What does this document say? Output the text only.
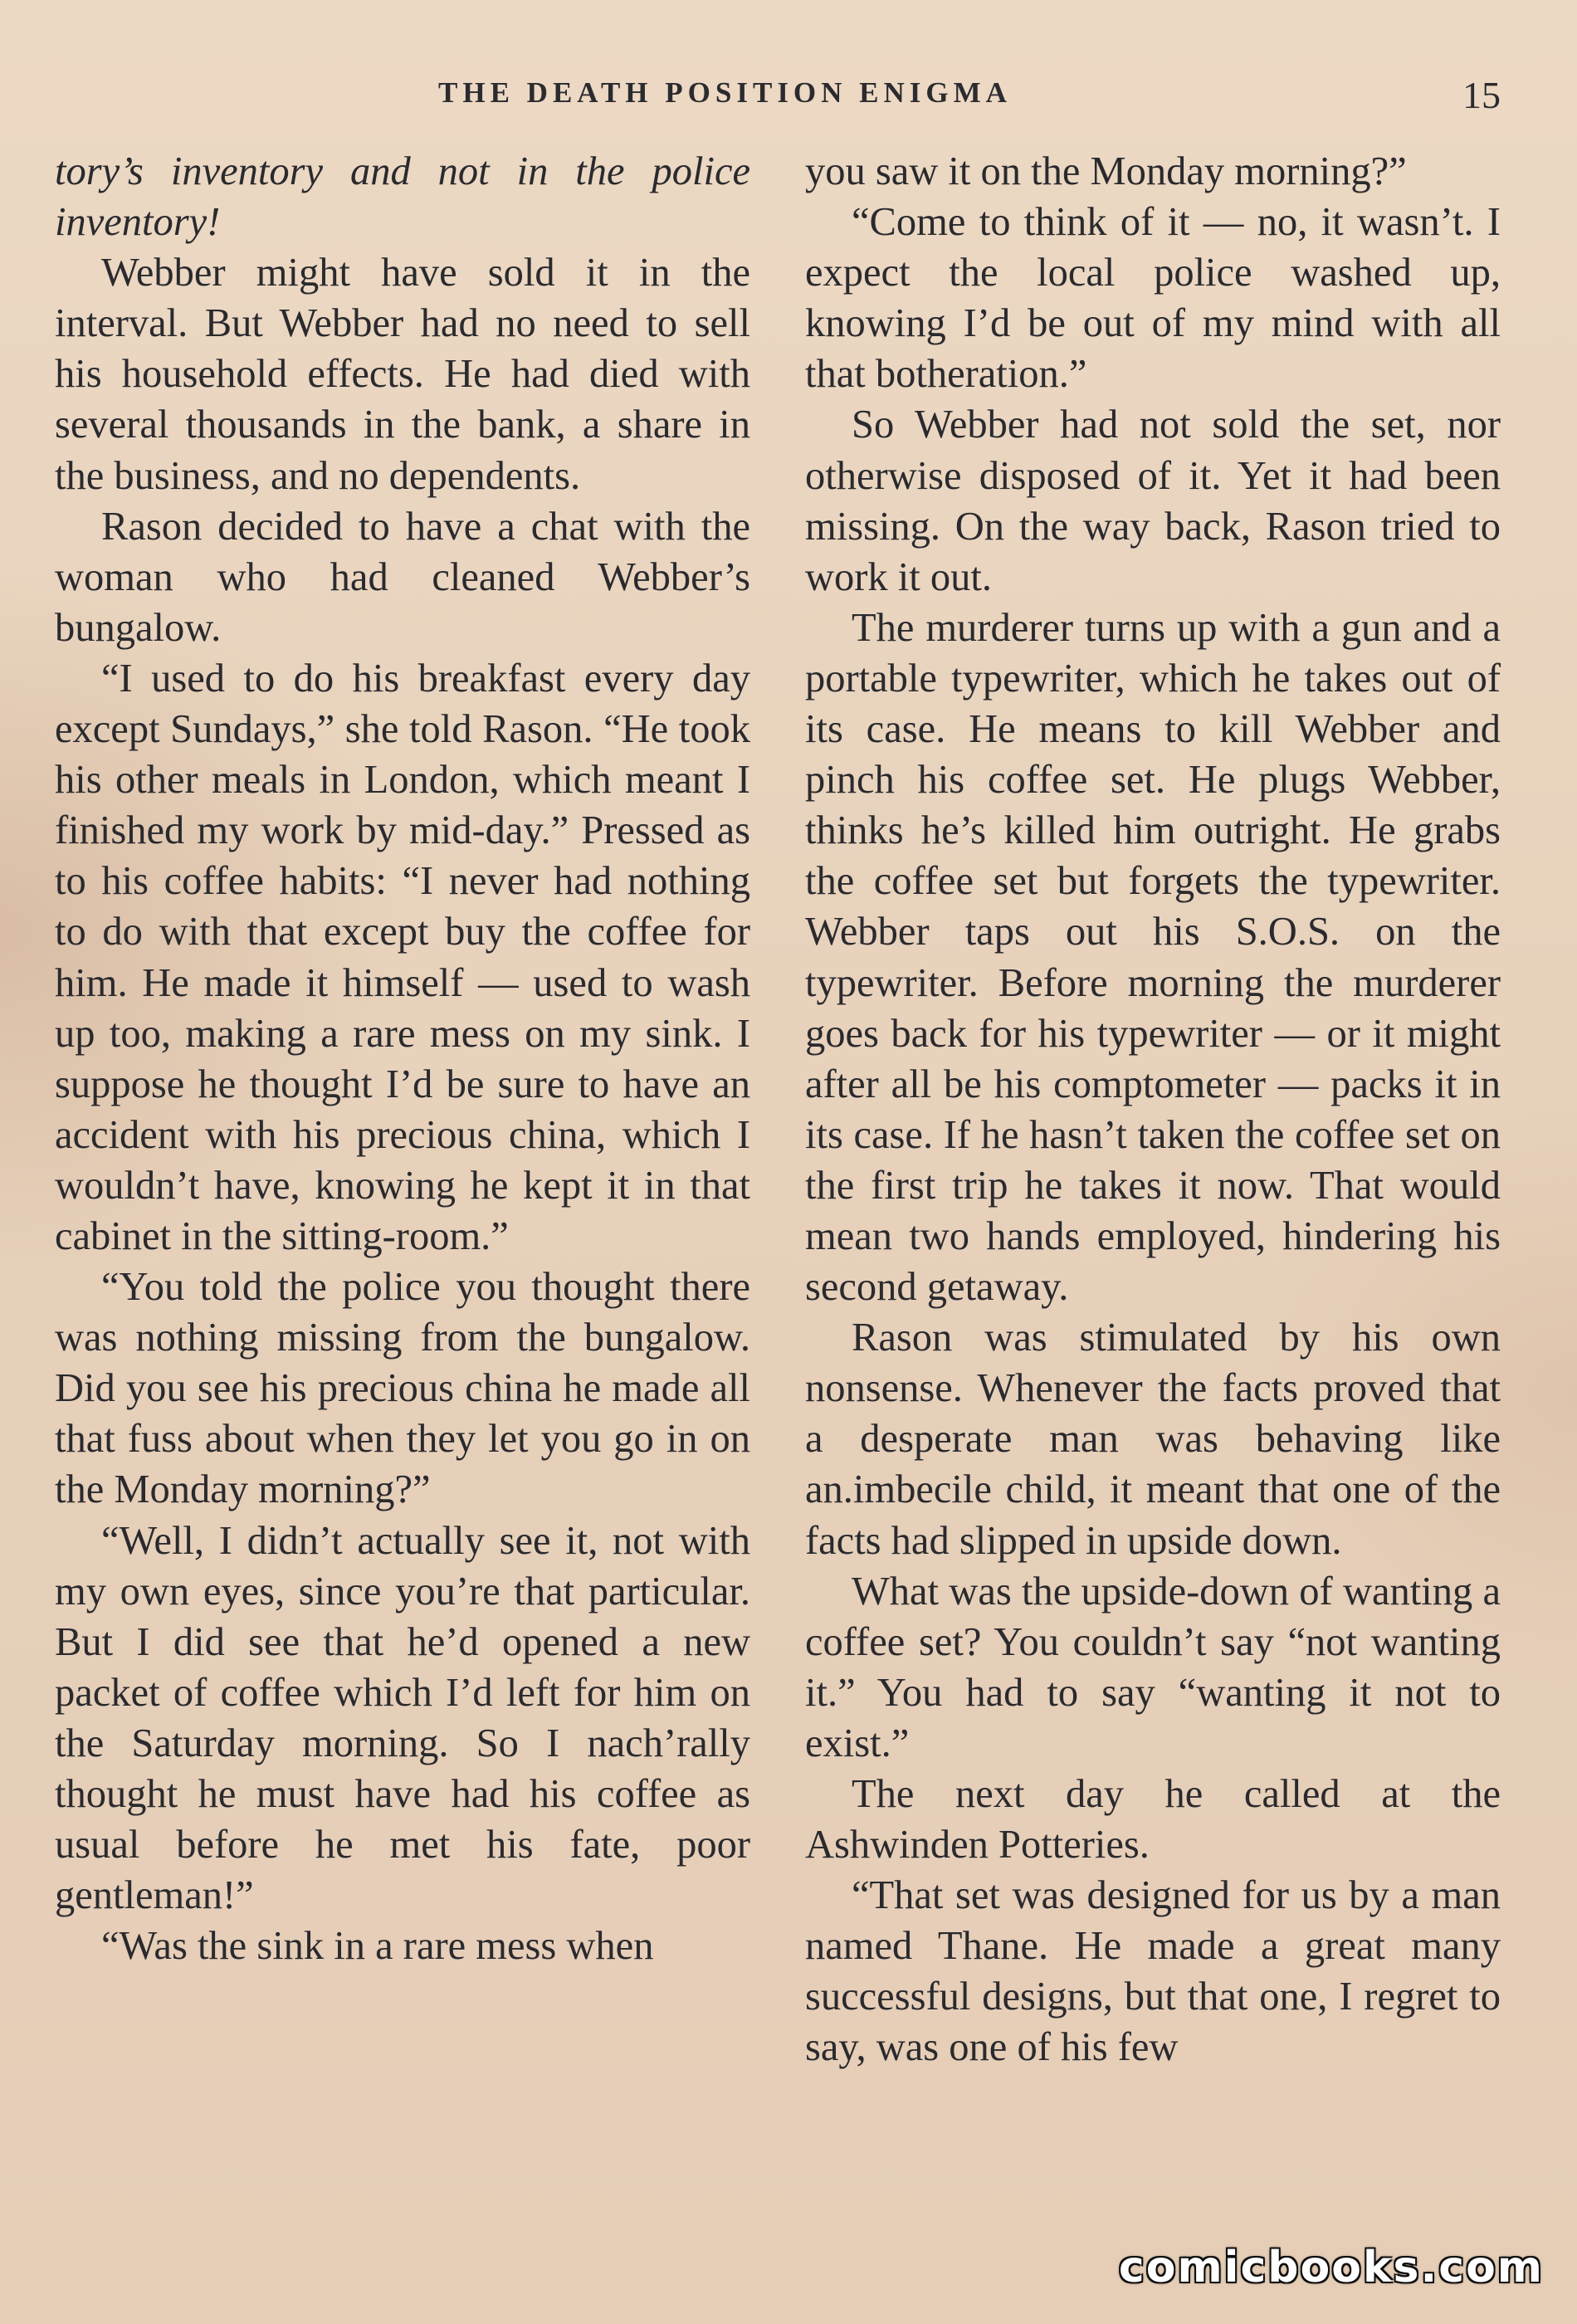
THE DEATH POSITION ENIGMA	15

tory’s inventory and not in the police inventory!

Webber might have sold it in the interval. But Webber had no need to sell his household effects. He had died with several thousands in the bank, a share in the business, and no dependents.

Rason decided to have a chat with the woman who had cleaned Webber’s bungalow.

“I used to do his breakfast every day except Sundays,” she told Rason. “He took his other meals in London, which meant I finished my work by mid-day.” Pressed as to his coffee habits: “I never had nothing to do with that except buy the coffee for him. He made it himself — used to wash up too, making a rare mess on my sink. I suppose he thought I’d be sure to have an accident with his precious china, which I wouldn’t have, knowing he kept it in that cabinet in the sitting-room.”

“You told the police you thought there was nothing missing from the bungalow. Did you see his precious china he made all that fuss about when they let you go in on the Monday morning?”

“Well, I didn’t actually see it, not with my own eyes, since you’re that particular. But I did see that he’d opened a new packet of coffee which I’d left for him on the Saturday morning. So I nach’rally thought he must have had his coffee as usual before he met his fate, poor gentleman!”

“Was the sink in a rare mess when

you saw it on the Monday morning?”

“Come to think of it — no, it wasn’t. I expect the local police washed up, knowing I’d be out of my mind with all that botheration.”

So Webber had not sold the set, nor otherwise disposed of it. Yet it had been missing. On the way back, Rason tried to work it out.

The murderer turns up with a gun and a portable typewriter, which he takes out of its case. He means to kill Webber and pinch his coffee set. He plugs Webber, thinks he’s killed him outright. He grabs the coffee set but forgets the typewriter. Webber taps out his S.O.S. on the typewriter. Before morning the murderer goes back for his typewriter — or it might after all be his comptometer — packs it in its case. If he hasn’t taken the coffee set on the first trip he takes it now. That would mean two hands employed, hindering his second getaway.

Rason was stimulated by his own nonsense. Whenever the facts proved that a desperate man was behaving like an.imbecile child, it meant that one of the facts had slipped in upside down.

What was the upside-down of wanting a coffee set? You couldn’t say “not wanting it.” You had to say “wanting it not to exist.”

The next day he called at the Ashwinden Potteries.

“That set was designed for us by a man named Thane. He made a great many successful designs, but that one, I regret to say, was one of his few

comicbooks.com
